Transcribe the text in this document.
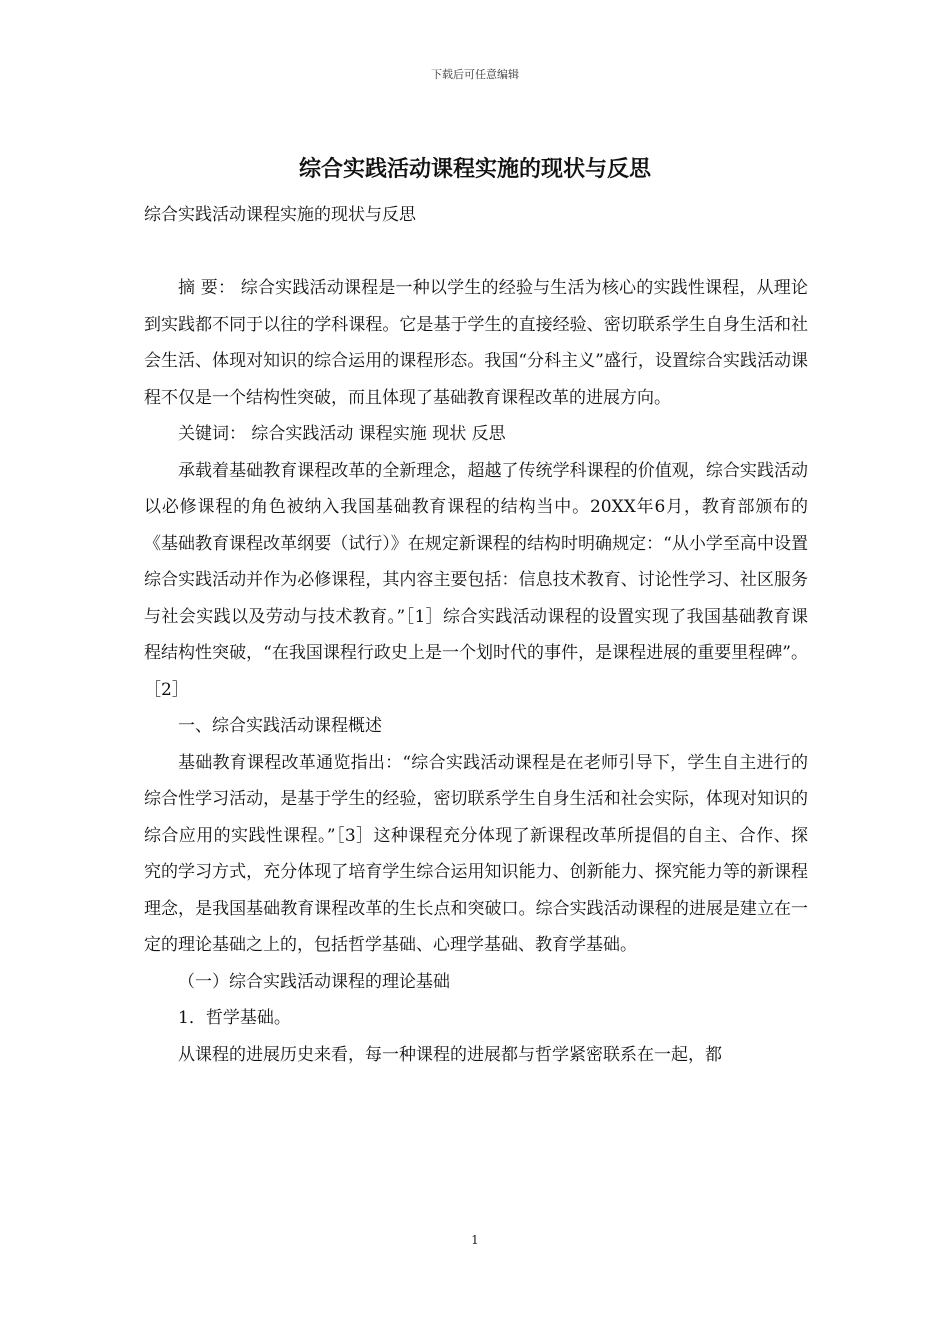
下载后可任意编辑
综合实践活动课程实施的现状与反思

综合实践活动课程实施的现状与反思

摘 要： 综合实践活动课程是一种以学生的经验与生活为核心的实践性课程，从理论到实践都不同于以往的学科课程。它是基于学生的直接经验、密切联系学生自身生活和社会生活、体现对知识的综合运用的课程形态。我国“分科主义”盛行，设置综合实践活动课程不仅是一个结构性突破，而且体现了基础教育课程改革的进展方向。

关键词： 综合实践活动 课程实施 现状 反思

承载着基础教育课程改革的全新理念，超越了传统学科课程的价值观，综合实践活动以必修课程的角色被纳入我国基础教育课程的结构当中。20XX年6月，教育部颁布的《基础教育课程改革纲要（试行）》在规定新课程的结构时明确规定：“从小学至高中设置综合实践活动并作为必修课程，其内容主要包括：信息技术教育、讨论性学习、社区服务与社会实践以及劳动与技术教育。”［1］综合实践活动课程的设置实现了我国基础教育课程结构性突破，“在我国课程行政史上是一个划时代的事件，是课程进展的重要里程碑”。［2］

一、综合实践活动课程概述

基础教育课程改革通览指出：“综合实践活动课程是在老师引导下，学生自主进行的综合性学习活动，是基于学生的经验，密切联系学生自身生活和社会实际，体现对知识的综合应用的实践性课程。”［3］这种课程充分体现了新课程改革所提倡的自主、合作、探究的学习方式，充分体现了培育学生综合运用知识能力、创新能力、探究能力等的新课程理念，是我国基础教育课程改革的生长点和突破口。综合实践活动课程的进展是建立在一定的理论基础之上的，包括哲学基础、心理学基础、教育学基础。

（一）综合实践活动课程的理论基础

1．哲学基础。

从课程的进展历史来看，每一种课程的进展都与哲学紧密联系在一起，都

1
